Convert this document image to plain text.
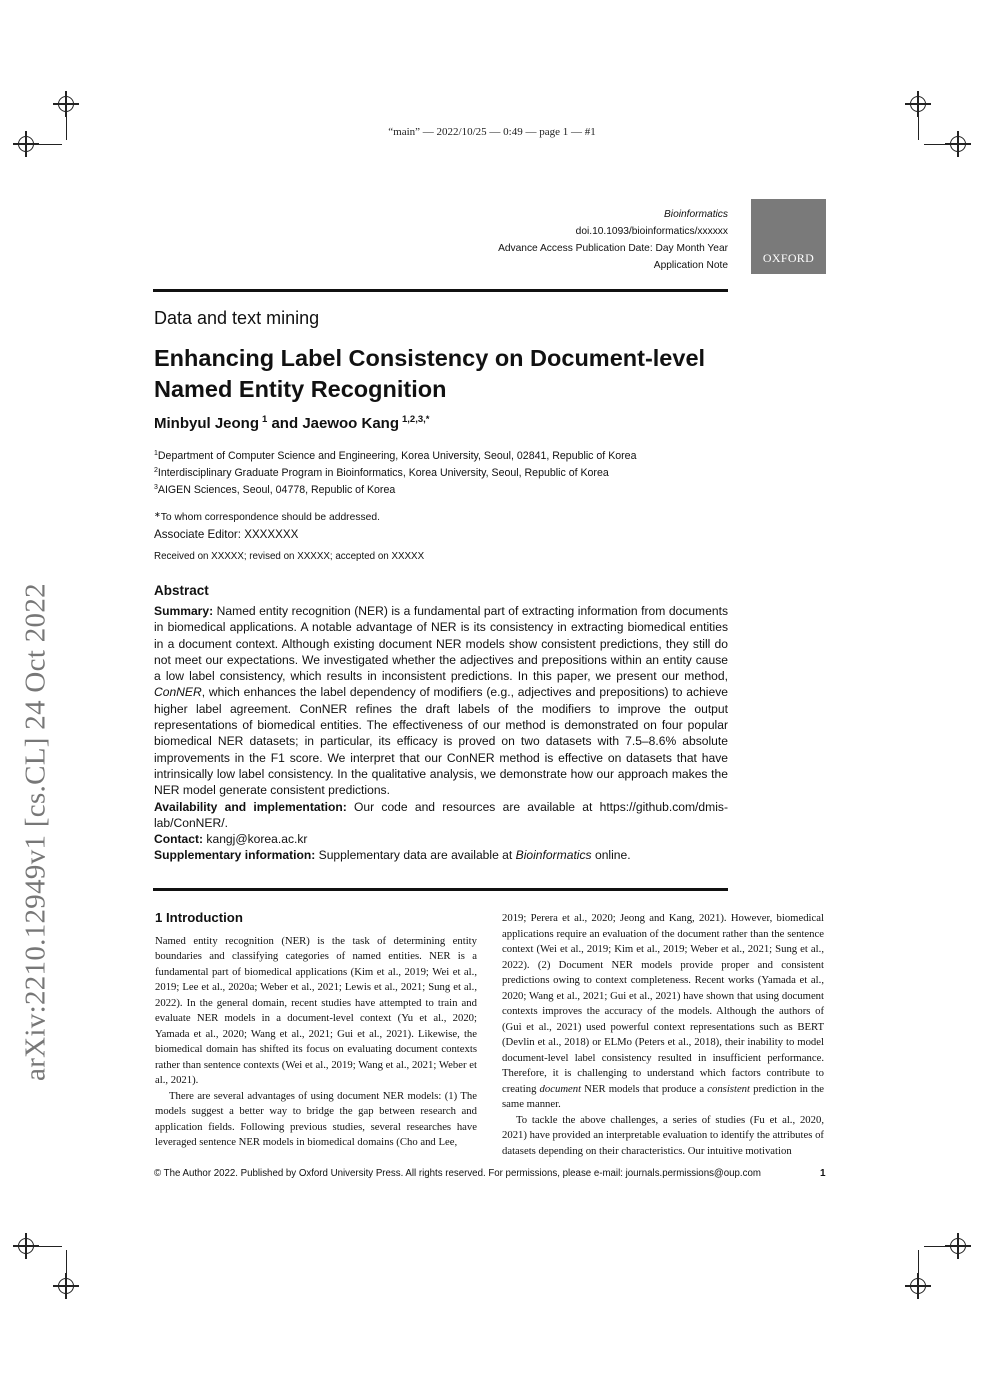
“main” — 2022/10/25 — 0:49 — page 1 — #1
Bioinformatics
doi.10.1093/bioinformatics/xxxxxx
Advance Access Publication Date: Day Month Year
Application Note
OXFORD
Data and text mining
Enhancing Label Consistency on Document-level
Named Entity Recognition
Minbyul Jeong $^1$ and Jaewoo Kang $^{1,2,3,*}$
$^1$Department of Computer Science and Engineering, Korea University, Seoul, 02841, Republic of Korea
$^2$Interdisciplinary Graduate Program in Bioinformatics, Korea University, Seoul, Republic of Korea
$^3$AIGEN Sciences, Seoul, 04778, Republic of Korea
∗To whom correspondence should be addressed.
Associate Editor: XXXXXXX
Received on XXXXX; revised on XXXXX; accepted on XXXXX
Abstract

Summary: Named entity recognition (NER) is a fundamental part of extracting information from documents in biomedical applications. A notable advantage of NER is its consistency in extracting biomedical entities in a document context. Although existing document NER models show consistent predictions, they still do not meet our expectations. We investigated whether the adjectives and prepositions within an entity cause a low label consistency, which results in inconsistent predictions. In this paper, we present our method, ConNER, which enhances the label dependency of modifiers (e.g., adjectives and prepositions) to achieve higher label agreement. ConNER refines the draft labels of the modifiers to improve the output representations of biomedical entities. The effectiveness of our method is demonstrated on four popular biomedical NER datasets; in particular, its efficacy is proved on two datasets with 7.5–8.6% absolute improvements in the F1 score. We interpret that our ConNER method is effective on datasets that have intrinsically low label consistency. In the qualitative analysis, we demonstrate how our approach makes the NER model generate consistent predictions.

Availability and implementation: Our code and resources are available at https://github.com/dmis-lab/ConNER/.

Contact: kangj@korea.ac.kr

Supplementary information: Supplementary data are available at Bioinformatics online.

1 Introduction

Named entity recognition (NER) is the task of determining entity boundaries and classifying categories of named entities. NER is a fundamental part of biomedical applications (Kim et al., 2019; Wei et al., 2019; Lee et al., 2020a; Weber et al., 2021; Lewis et al., 2021; Sung et al., 2022). In the general domain, recent studies have attempted to train and evaluate NER models in a document-level context (Yu et al., 2020; Yamada et al., 2020; Wang et al., 2021; Gui et al., 2021). Likewise, the biomedical domain has shifted its focus on evaluating document contexts rather than sentence contexts (Wei et al., 2019; Wang et al., 2021; Weber et al., 2021).

There are several advantages of using document NER models: (1) The models suggest a better way to bridge the gap between research and application fields. Following previous studies, several researches have leveraged sentence NER models in biomedical domains (Cho and Lee,

2019; Perera et al., 2020; Jeong and Kang, 2021). However, biomedical applications require an evaluation of the document rather than the sentence context (Wei et al., 2019; Kim et al., 2019; Weber et al., 2021; Sung et al., 2022). (2) Document NER models provide proper and consistent predictions owing to context completeness. Recent works (Yamada et al., 2020; Wang et al., 2021; Gui et al., 2021) have shown that using document contexts improves the accuracy of the models. Although the authors of (Gui et al., 2021) used powerful context representations such as BERT (Devlin et al., 2018) or ELMo (Peters et al., 2018), their inability to model document-level label consistency resulted in insufficient performance. Therefore, it is challenging to understand which factors contribute to creating document NER models that produce a consistent prediction in the same manner.

To tackle the above challenges, a series of studies (Fu et al., 2020, 2021) have provided an interpretable evaluation to identify the attributes of datasets depending on their characteristics. Our intuitive motivation

© The Author 2022. Published by Oxford University Press. All rights reserved. For permissions, please e-mail: journals.permissions@oup.com	1
arXiv:2210.12949v1 [cs.CL] 24 Oct 2022
